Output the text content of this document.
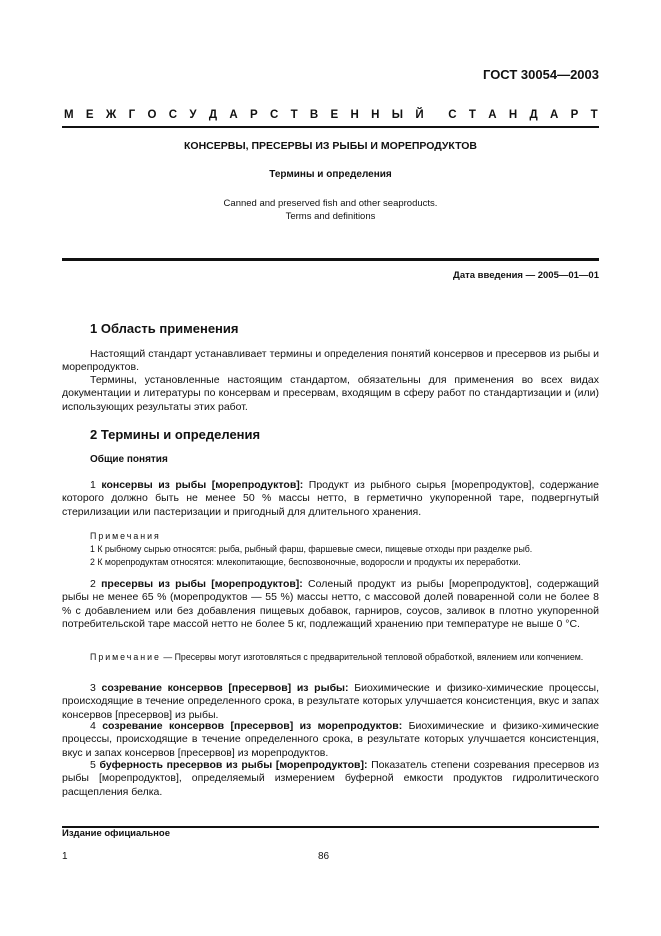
ГОСТ 30054—2003
М Е Ж Г О С У Д А Р С Т В Е Н Н Ы Й С Т А Н Д А Р Т
КОНСЕРВЫ, ПРЕСЕРВЫ ИЗ РЫБЫ И МОРЕПРОДУКТОВ
Термины и определения
Canned and preserved fish and other seaproducts.
Terms and definitions
Дата введения — 2005—01—01
1 Область применения
Настоящий стандарт устанавливает термины и определения понятий консервов и пресервов из рыбы и морепродуктов.
Термины, установленные настоящим стандартом, обязательны для применения во всех видах документации и литературы по консервам и пресервам, входящим в сферу работ по стандартизации и (или) использующих результаты этих работ.
2 Термины и определения
Общие понятия
1 консервы из рыбы [морепродуктов]: Продукт из рыбного сырья [морепродуктов], содержание которого должно быть не менее 50 % массы нетто, в герметично укупоренной таре, подвергнутый стерилизации или пастеризации и пригодный для длительного хранения.
Примечания
1 К рыбному сырью относятся: рыба, рыбный фарш, фаршевые смеси, пищевые отходы при разделке рыб.
2 К морепродуктам относятся: млекопитающие, беспозвоночные, водоросли и продукты их переработки.
2 пресервы из рыбы [морепродуктов]: Соленый продукт из рыбы [морепродуктов], содержащий рыбы не менее 65 % (морепродуктов — 55 %) массы нетто, с массовой долей поваренной соли не более 8 % с добавлением или без добавления пищевых добавок, гарниров, соусов, заливок в плотно укупоренной потребительской таре массой нетто не более 5 кг, подлежащий хранению при температуре не выше 0 °С.
Примечание — Пресервы могут изготовляться с предварительной тепловой обработкой, вялением или копчением.
3 созревание консервов [пресервов] из рыбы: Биохимические и физико-химические процессы, происходящие в течение определенного срока, в результате которых улучшается консистенция, вкус и запах консервов [пресервов] из рыбы.
4 созревание консервов [пресервов] из морепродуктов: Биохимические и физико-химические процессы, происходящие в течение определенного срока, в результате которых улучшается консистенция, вкус и запах консервов [пресервов] из морепродуктов.
5 буферность пресервов из рыбы [морепродуктов]: Показатель степени созревания пресервов из рыбы [морепродуктов], определяемый измерением буферной емкости продуктов гидролитического расщепления белка.
Издание официальное
1	86
